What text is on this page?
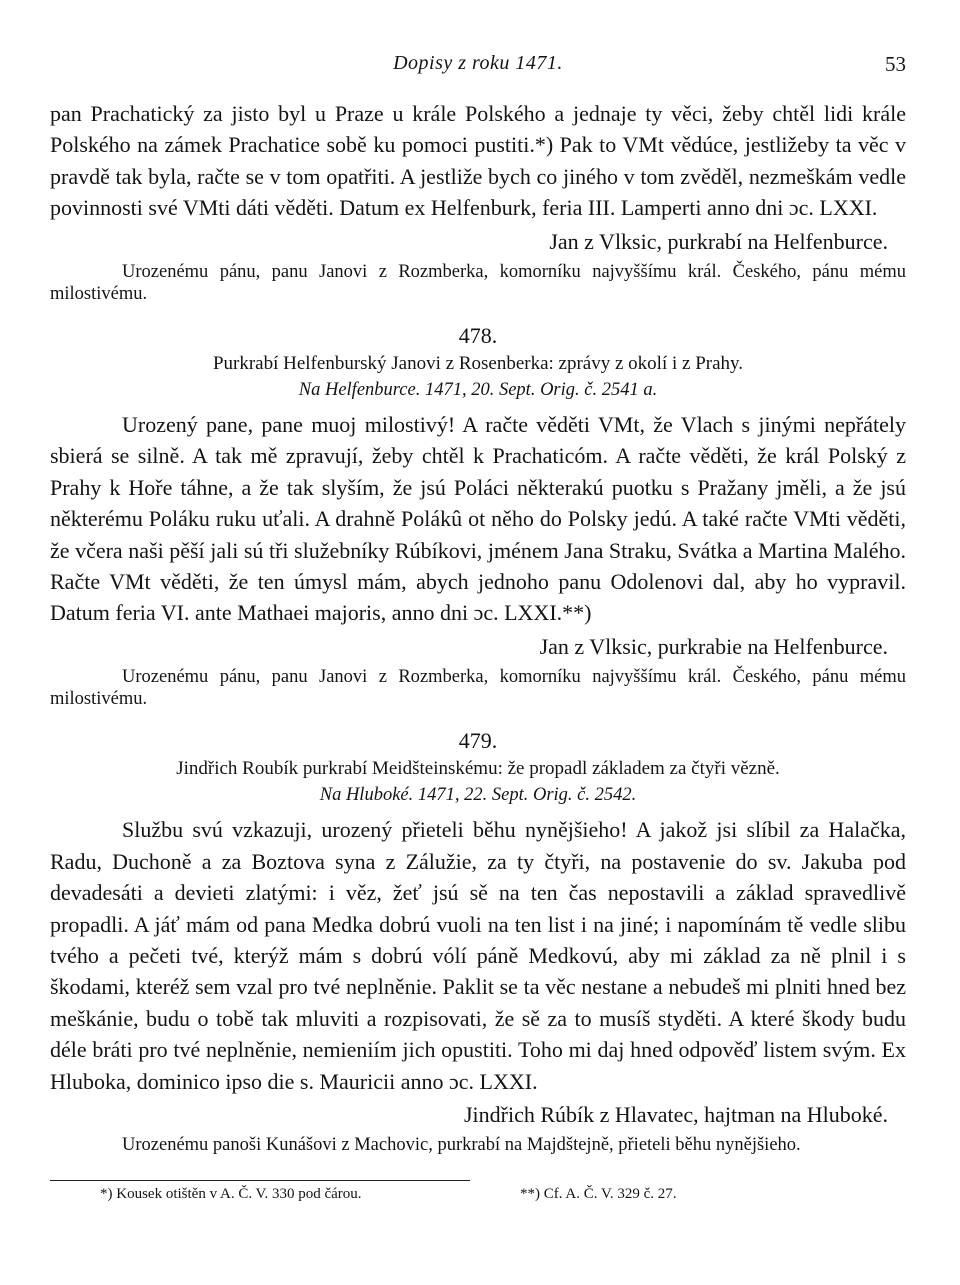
Dopisy z roku 1471.	53

pan Prachatický za jisto byl u Praze u krále Polského a jednaje ty věci, žeby chtěl lidi krále Polského na zámek Prachatice sobě ku pomoci pustiti.*) Pak to VMt vědúce, jestližeby ta věc v pravdě tak byla, račte se v tom opatřiti. A jestliže bych co jiného v tom zvěděl, nezmeškám vedle povinnosti své VMti dáti věděti. Datum ex Helfenburk, feria III. Lamperti anno dni ɔc. LXXI.

Jan z Vlksic, purkrabí na Helfenburce.

Urozenému pánu, panu Janovi z Rozmberka, komorníku najvyššímu král. Českého, pánu mému milostivému.

478.
Purkrabí Helfenburský Janovi z Rosenberka: zprávy z okolí i z Prahy.
Na Helfenburce. 1471, 20. Sept. Orig. č. 2541 a.

Urozený pane, pane muoj milostivý! A račte věděti VMt, že Vlach s jinými nepřátely sbierá se silně. A tak mě zpravují, žeby chtěl k Prachaticóm. A račte věděti, že král Polský z Prahy k Hoře táhne, a že tak slyším, že jsú Poláci některakú puotku s Pražany jměli, a že jsú některému Poláku ruku uťali. A drahně Polákû ot něho do Polsky jedú. A také račte VMti věděti, že včera naši pěší jali sú tři služebníky Rúbíkovi, jménem Jana Straku, Svátka a Martina Malého. Račte VMt věděti, že ten úmysl mám, abych jednoho panu Odolenovi dal, aby ho vypravil. Datum feria VI. ante Mathaei majoris, anno dni ɔc. LXXI.**)

Jan z Vlksic, purkrabie na Helfenburce.

Urozenému pánu, panu Janovi z Rozmberka, komorníku najvyššímu král. Českého, pánu mému milostivému.

479.
Jindřich Roubík purkrabí Meidšteinskému: že propadl základem za čtyři vězně.
Na Hluboké. 1471, 22. Sept. Orig. č. 2542.

Službu svú vzkazuji, urozený přieteli běhu nynějšieho! A jakož jsi slíbil za Halačka, Radu, Duchoně a za Boztova syna z Zálužie, za ty čtyři, na postavenie do sv. Jakuba pod devadesáti a devieti zlatými: i věz, žeť jsú sě na ten čas nepostavili a základ spravedlivě propadli. A jáť mám od pana Medka dobrú vuoli na ten list i na jiné; i napomínám tě vedle slibu tvého a pečeti tvé, kterýž mám s dobrú vólí páně Medkovú, aby mi základ za ně plnil i s škodami, kteréž sem vzal pro tvé neplněnie. Paklit se ta věc nestane a nebudeš mi plniti hned bez meškánie, budu o tobě tak mluviti a rozpisovati, že sě za to musíš styděti. A které škody budu déle bráti pro tvé neplněnie, nemieniím jich opustiti. Toho mi daj hned odpověď listem svým. Ex Hluboka, dominico ipso die s. Mauricii anno ɔc. LXXI.

Jindřich Rúbík z Hlavatec, hajtman na Hluboké.

Urozenému panoši Kunášovi z Machovic, purkrabí na Majdštejně, přieteli běhu nynějšieho.

*) Kousek otištěn v A. Č. V. 330 pod čárou.	**) Cf. A. Č. V. 329 č. 27.
